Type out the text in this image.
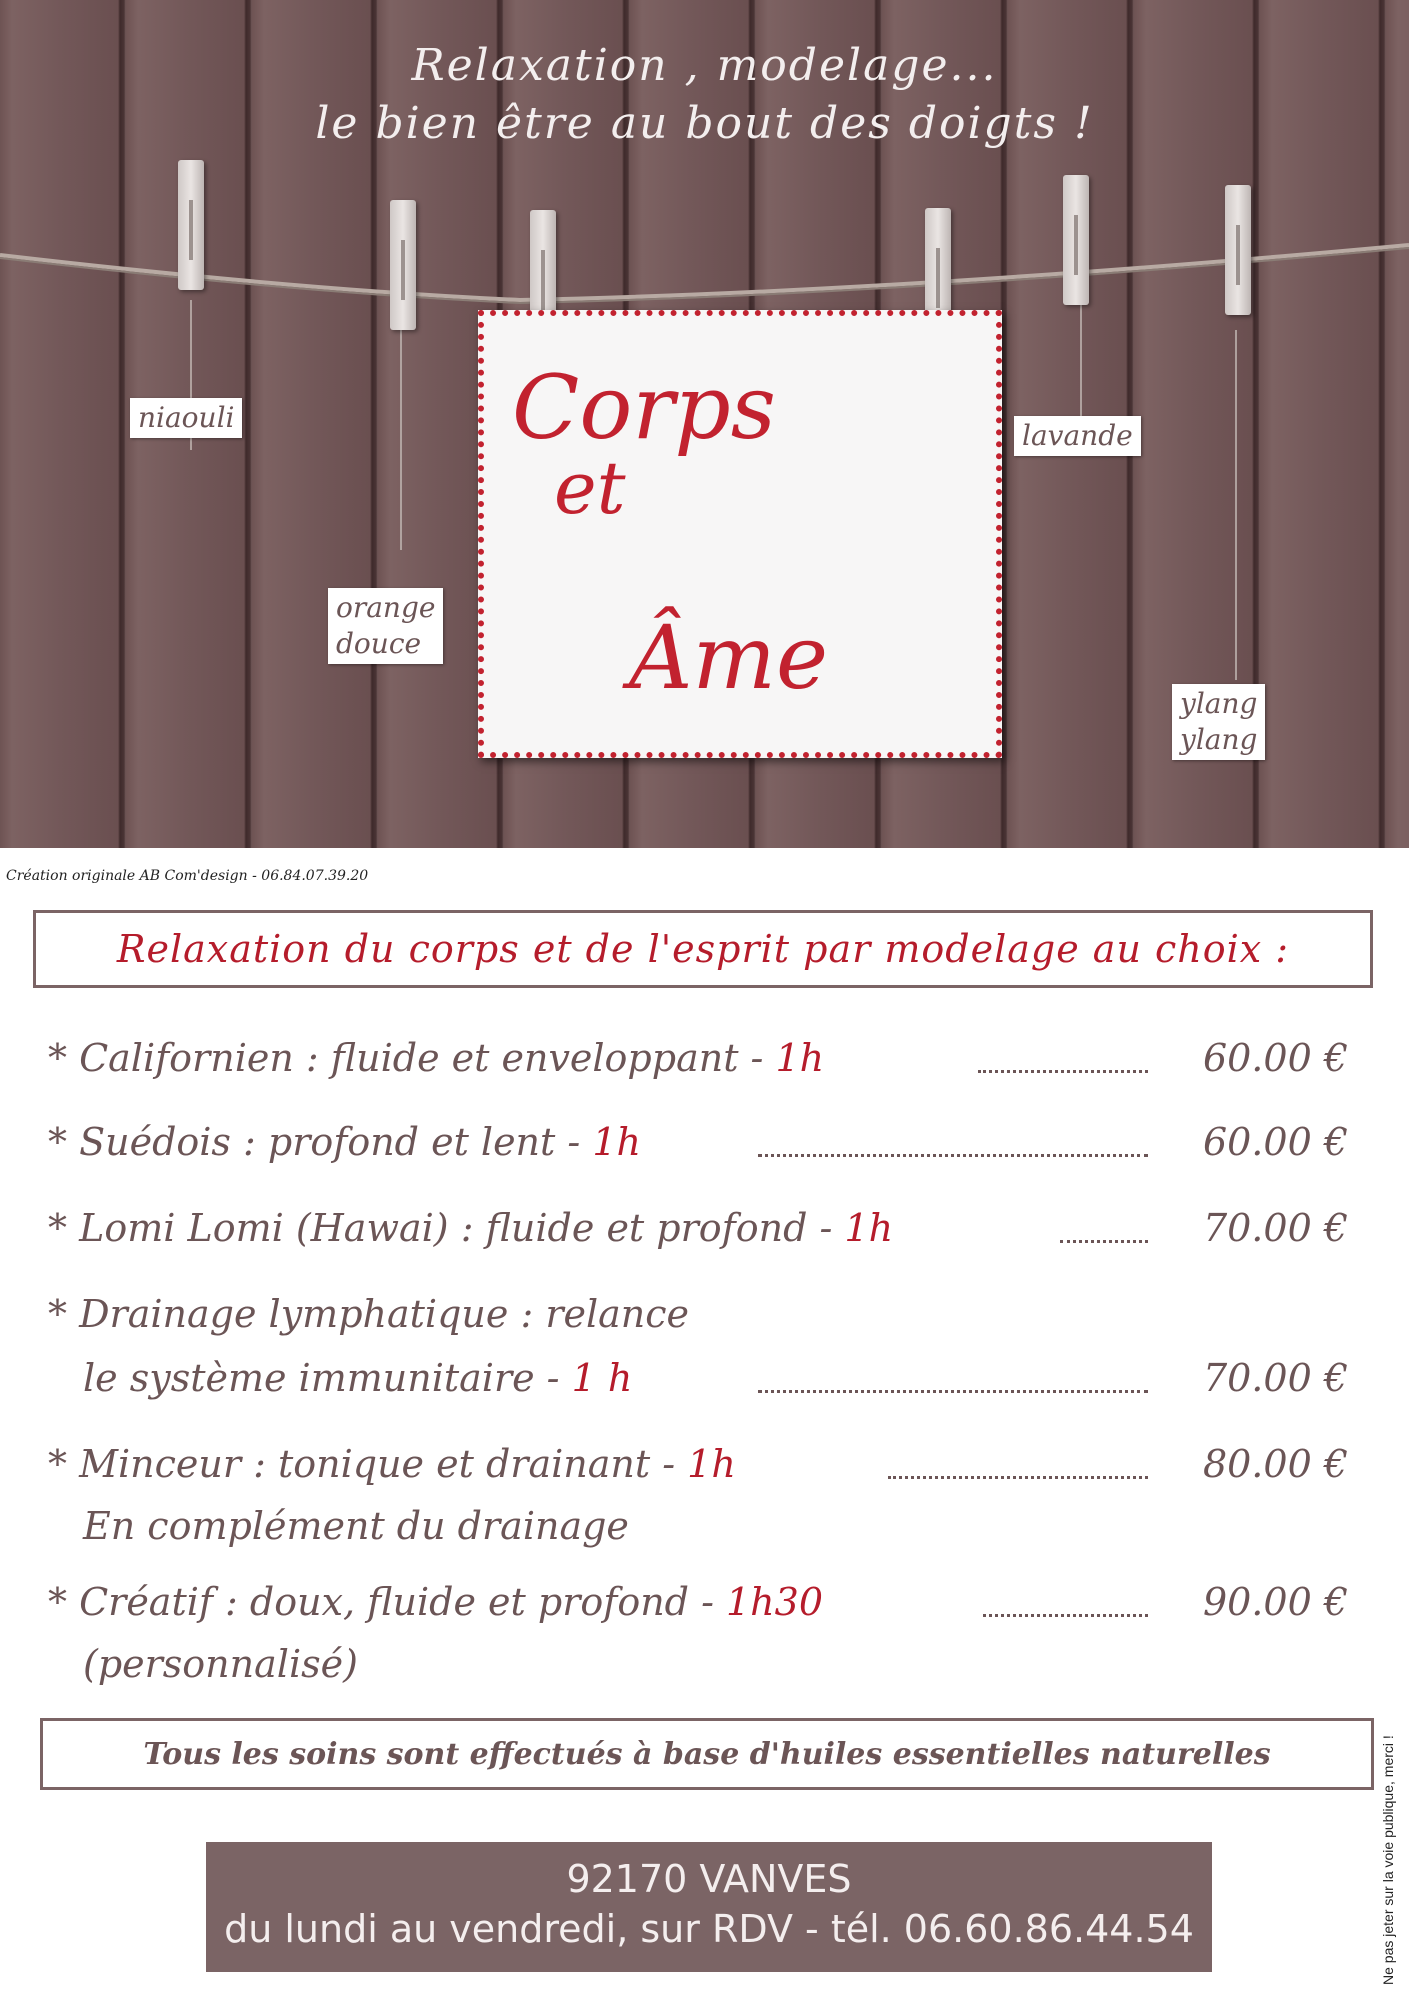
Relaxation , modelage...
le bien être au bout des doigts !
niaouli
orange
douce
lavande
ylang
ylang
Corps
et
Âme
Création originale AB Com'design - 06.84.07.39.20
Relaxation du corps et de l'esprit par modelage au choix :
* Californien : fluide et enveloppant - 1h	60.00 €
* Suédois : profond et lent - 1h	60.00 €
* Lomi Lomi (Hawai) : fluide et profond - 1h	70.00 €
* Drainage lymphatique : relance
le système immunitaire - 1 h	70.00 €
* Minceur : tonique et drainant - 1h	80.00 €
En complément du drainage
* Créatif : doux, fluide et profond - 1h30	90.00 €
(personnalisé)
Tous les soins sont effectués à base d'huiles essentielles naturelles
92170 VANVES
du lundi au vendredi, sur RDV - tél. 06.60.86.44.54	Ne pas jeter sur la voie publique, merci !
